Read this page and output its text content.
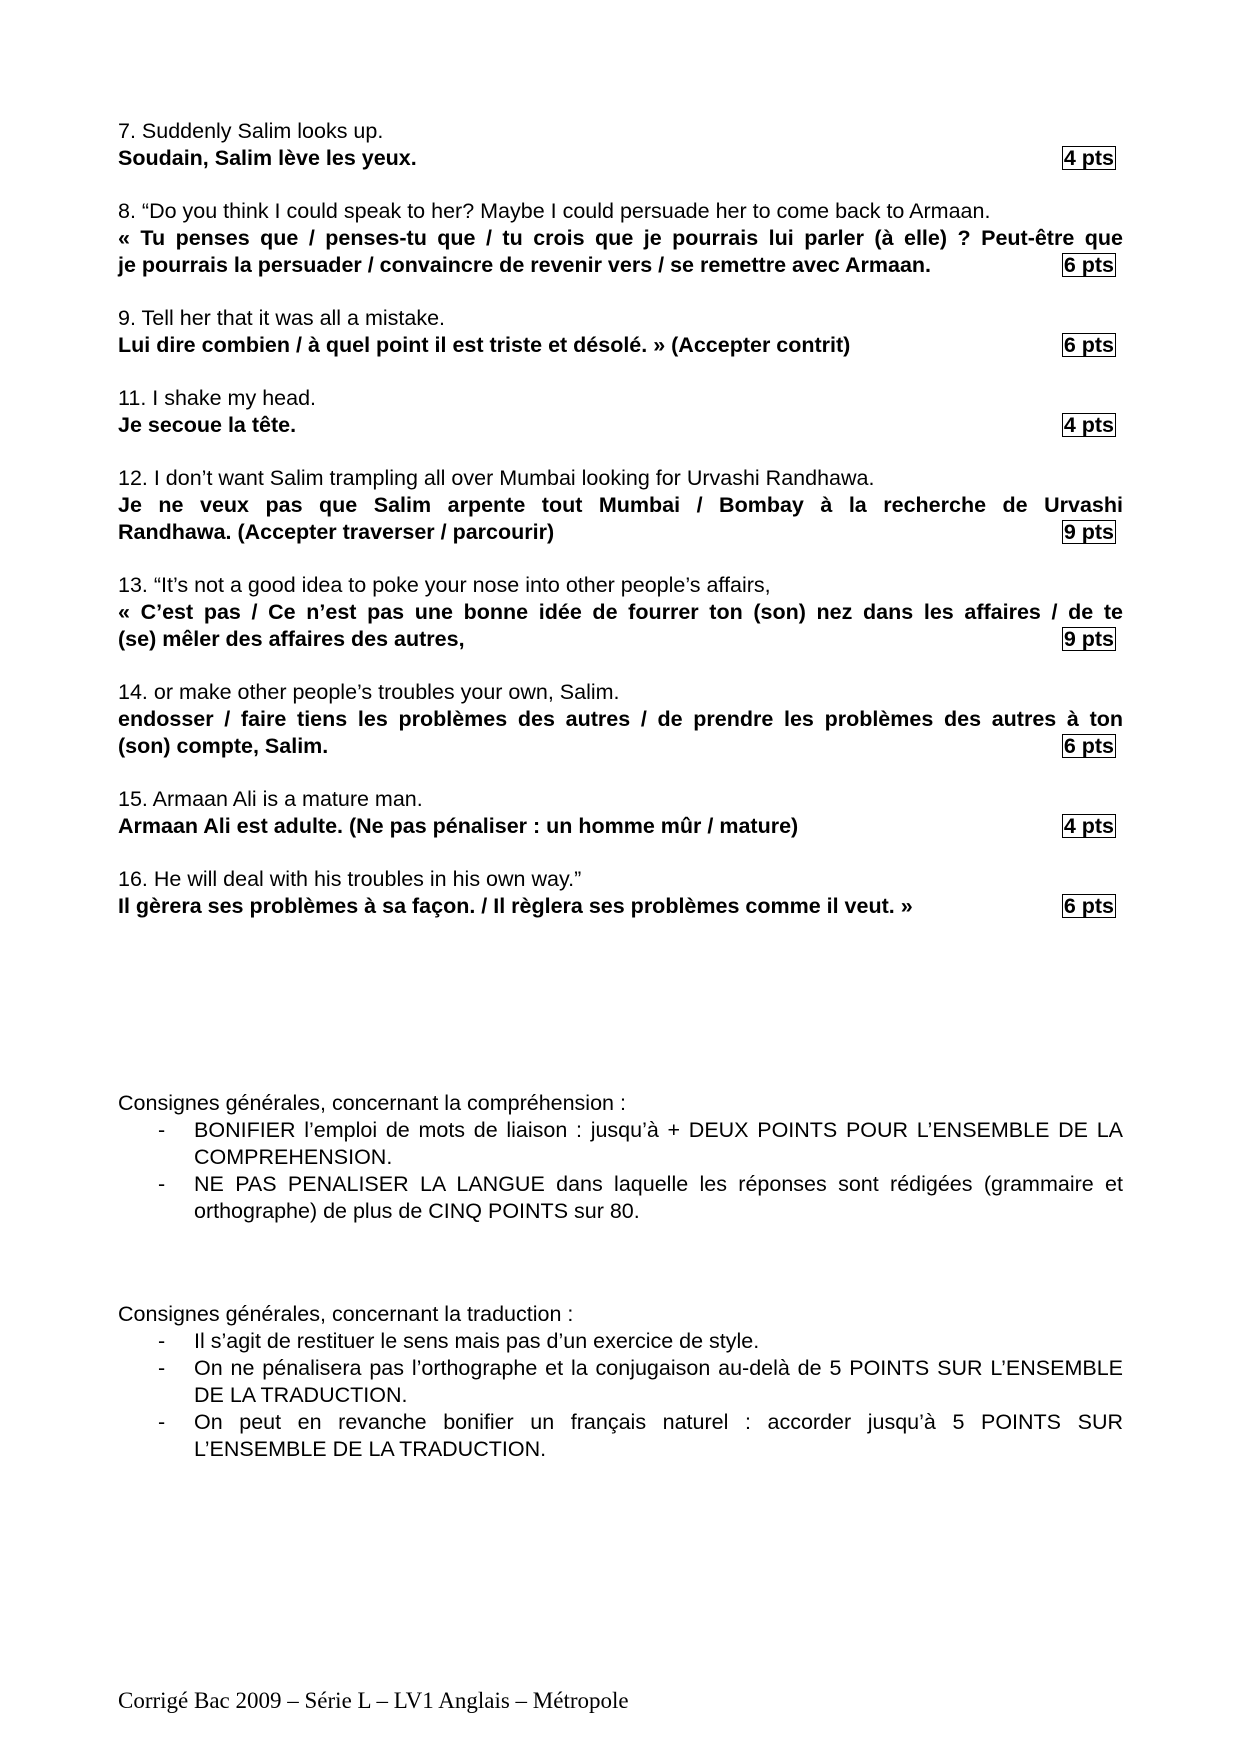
7. Suddenly Salim looks up.
Soudain, Salim lève les yeux.	4 pts
8. “Do you think I could speak to her? Maybe I could persuade her to come back to Armaan.
« Tu penses que / penses-tu que / tu crois que je pourrais lui parler (à elle) ? Peut-être que
je pourrais la persuader / convaincre de revenir vers / se remettre avec Armaan.	6 pts
9. Tell her that it was all a mistake.
Lui dire combien / à quel point il est triste et désolé. » (Accepter contrit)	6 pts
11. I shake my head.
Je secoue la tête.	4 pts
12. I don’t want Salim trampling all over Mumbai looking for Urvashi Randhawa.
Je ne veux pas que Salim arpente tout Mumbai / Bombay à la recherche de Urvashi
Randhawa. (Accepter traverser / parcourir)	9 pts
13. “It’s not a good idea to poke your nose into other people’s affairs,
« C’est pas / Ce n’est pas une bonne idée de fourrer ton (son) nez dans les affaires / de te
(se) mêler des affaires des autres,	9 pts
14. or make other people’s troubles your own, Salim.
endosser / faire tiens les problèmes des autres / de prendre les problèmes des autres à ton
(son) compte, Salim.	6 pts
15. Armaan Ali is a mature man.
Armaan Ali est adulte. (Ne pas pénaliser : un homme mûr / mature)	4 pts
16. He will deal with his troubles in his own way.”
Il gèrera ses problèmes à sa façon. / Il règlera ses problèmes comme il veut. »	6 pts
Consignes générales, concernant la compréhension :
- BONIFIER l’emploi de mots de liaison : jusqu’à + DEUX POINTS POUR L’ENSEMBLE DE LA COMPREHENSION.
- NE PAS PENALISER LA LANGUE dans laquelle les réponses sont rédigées (grammaire et orthographe) de plus de CINQ POINTS sur 80.
Consignes générales, concernant la traduction :
- Il s’agit de restituer le sens mais pas d’un exercice de style.
- On ne pénalisera pas l’orthographe et la conjugaison au-delà de 5 POINTS SUR L’ENSEMBLE DE LA TRADUCTION.
- On peut en revanche bonifier un français naturel : accorder jusqu’à 5 POINTS SUR L’ENSEMBLE DE LA TRADUCTION.
Corrigé Bac 2009 – Série L – LV1 Anglais – Métropole
